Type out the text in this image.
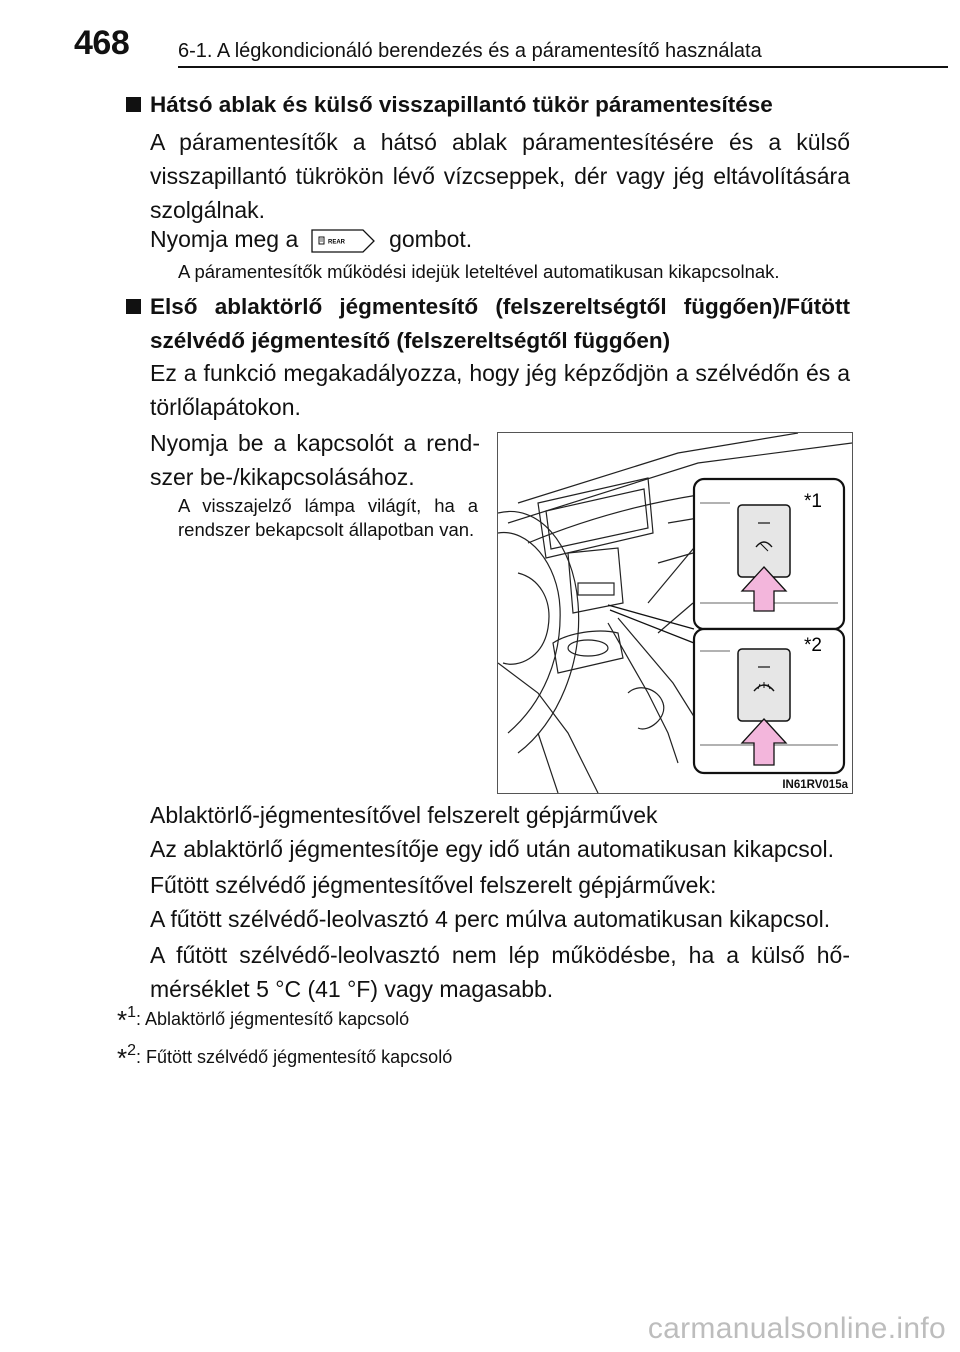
468 6-1. A légkondicionáló berendezés és a páramentesítő használata
Hátsó ablak és külső visszapillantó tükör páramentesítése
A páramentesítők a hátsó ablak páramentesítésére és a külső visszapillantó tükrökön lévő vízcseppek, dér vagy jég eltávolítására szolgálnak.
Nyomja meg a	REAR gombot.
A páramentesítők működési idejük leteltével automatikusan kikapcsolnak.
Első ablaktörlő jégmentesítő (felszereltségtől függően)/Fűtött szélvédő jégmentesítő (felszereltségtől függően)
Ez a funkció megakadályozza, hogy jég képződjön a szélvédőn és a törlőlapátokon.
Nyomja be a kapcsolót a rend-szer be-/kikapcsolásához.
A visszajelző lámpa világít, ha a rendszer bekapcsolt állapotban van.
*1
*2
IN61RV015a
Ablaktörlő-jégmentesítővel felszerelt gépjárművek
Az ablaktörlő jégmentesítője egy idő után automatikusan kikapcsol.
Fűtött szélvédő jégmentesítővel felszerelt gépjárművek:
A fűtött szélvédő-leolvasztó 4 perc múlva automatikusan kikapcsol.
A fűtött szélvédő-leolvasztó nem lép működésbe, ha a külső hő-mérséklet 5 °C (41 °F) vagy magasabb.
*1: Ablaktörlő jégmentesítő kapcsoló
*2: Fűtött szélvédő jégmentesítő kapcsoló
carmanualsonline.info
